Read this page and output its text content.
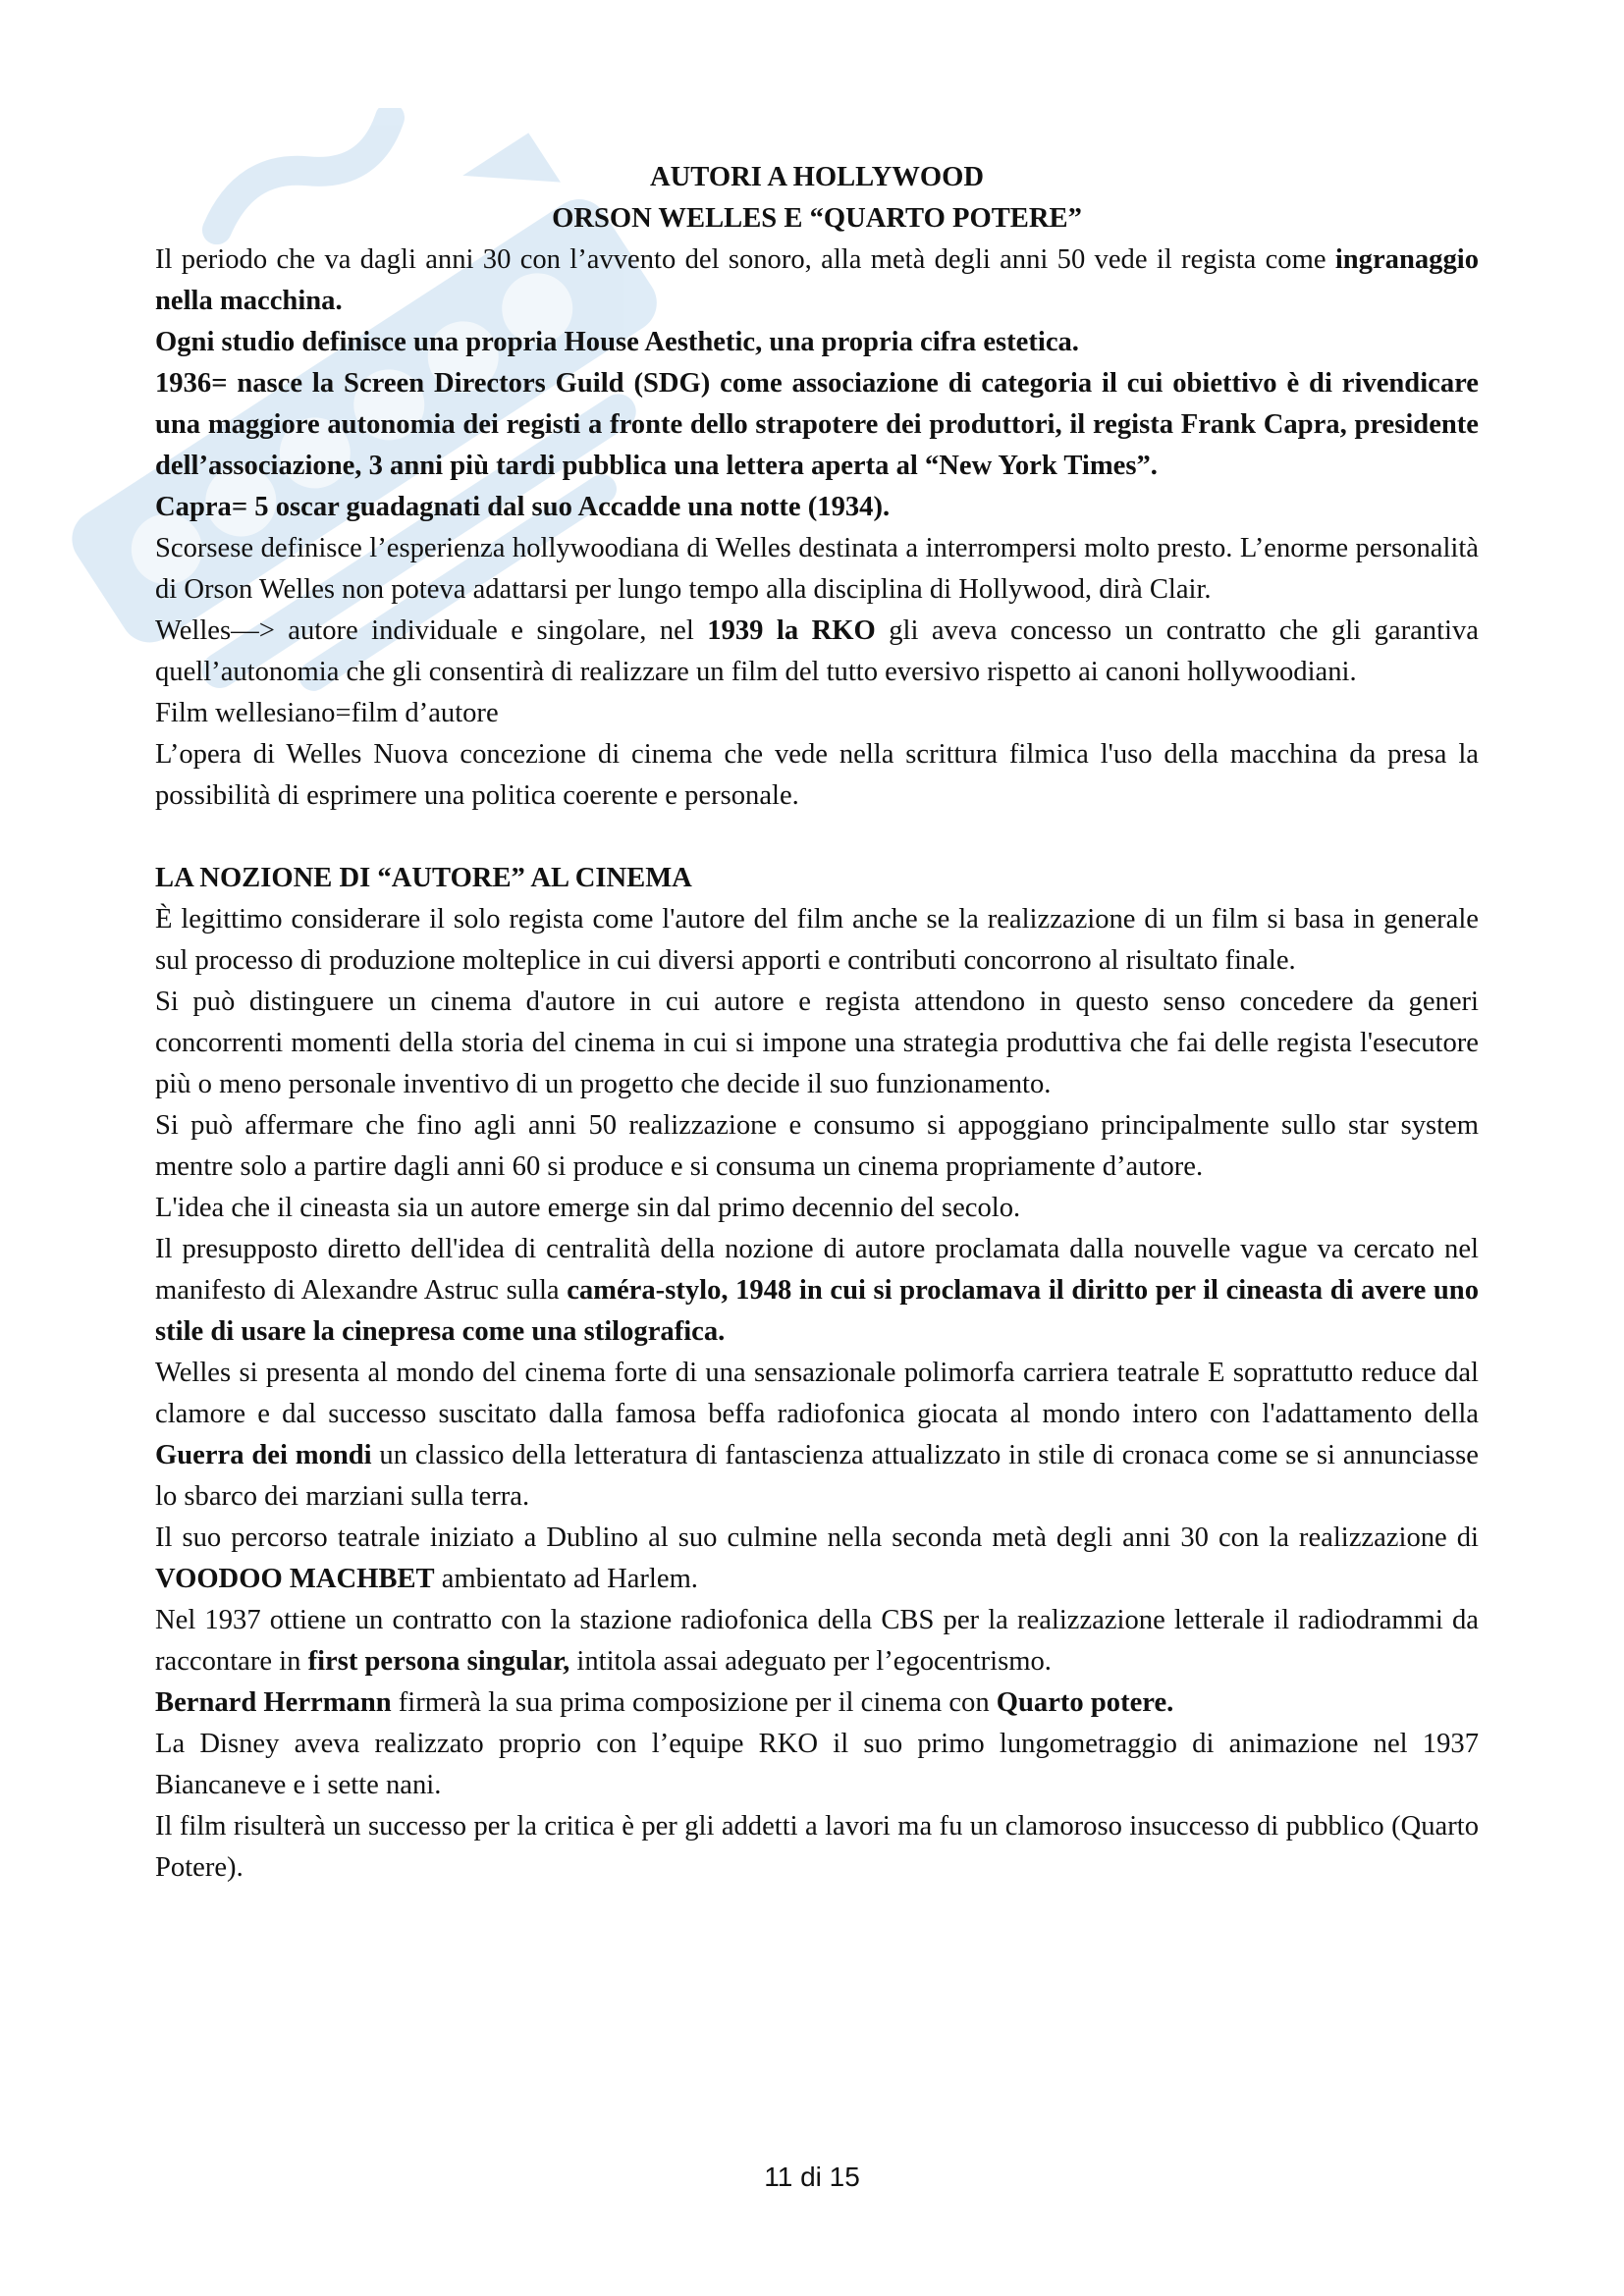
AUTORI A HOLLYWOOD
ORSON WELLES E “QUARTO POTERE”

Il periodo che va dagli anni 30 con l’avvento del sonoro, alla metà degli anni 50 vede il regista come ingranaggio nella macchina.

Ogni studio definisce una propria House Aesthetic, una propria cifra estetica.

1936= nasce la Screen Directors Guild (SDG) come associazione di categoria il cui obiettivo è di rivendicare una maggiore autonomia dei registi a fronte dello strapotere dei produttori, il regista Frank Capra, presidente dell’associazione, 3 anni più tardi pubblica una lettera aperta al “New York Times”.

Capra= 5 oscar guadagnati dal suo Accadde una notte (1934).

Scorsese definisce l’esperienza hollywoodiana di Welles destinata a interrompersi molto presto. L’enorme personalità di Orson Welles non poteva adattarsi per lungo tempo alla disciplina di Hollywood, dirà Clair.

Welles—> autore individuale e singolare, nel 1939 la RKO gli aveva concesso un contratto che gli garantiva quell’autonomia che gli consentirà di realizzare un film del tutto eversivo rispetto ai canoni hollywoodiani.

Film wellesiano=film d’autore

L’opera di Welles Nuova concezione di cinema che vede nella scrittura filmica l'uso della macchina da presa la possibilità di esprimere una politica coerente e personale.

LA NOZIONE DI “AUTORE” AL CINEMA

È legittimo considerare il solo regista come l'autore del film anche se la realizzazione di un film si basa in generale sul processo di produzione molteplice in cui diversi apporti e contributi concorrono al risultato finale.

Si può distinguere un cinema d'autore in cui autore e regista attendono in questo senso concedere da generi concorrenti momenti della storia del cinema in cui si impone una strategia produttiva che fai delle regista l'esecutore più o meno personale inventivo di un progetto che decide il suo funzionamento.

Si può affermare che fino agli anni 50 realizzazione e consumo si appoggiano principalmente sullo star system mentre solo a partire dagli anni 60 si produce e si consuma un cinema propriamente d’autore.

L'idea che il cineasta sia un autore emerge sin dal primo decennio del secolo.

Il presupposto diretto dell'idea di centralità della nozione di autore proclamata dalla nouvelle vague va cercato nel manifesto di Alexandre Astruc sulla caméra-stylo, 1948 in cui si proclamava il diritto per il cineasta di avere uno stile di usare la cinepresa come una stilografica.

Welles si presenta al mondo del cinema forte di una sensazionale polimorfa carriera teatrale E soprattutto reduce dal clamore e dal successo suscitato dalla famosa beffa radiofonica giocata al mondo intero con l'adattamento della Guerra dei mondi un classico della letteratura di fantascienza attualizzato in stile di cronaca come se si annunciasse lo sbarco dei marziani sulla terra.

Il suo percorso teatrale iniziato a Dublino al suo culmine nella seconda metà degli anni 30 con la realizzazione di VOODOO MACHBET ambientato ad Harlem.

Nel 1937 ottiene un contratto con la stazione radiofonica della CBS per la realizzazione letterale il radiodrammi da raccontare in first persona singular, intitola assai adeguato per l’egocentrismo.

Bernard Herrmann firmerà la sua prima composizione per il cinema con Quarto potere.

La Disney aveva realizzato proprio con l’equipe RKO il suo primo lungometraggio di animazione nel 1937 Biancaneve e i sette nani.

Il film risulterà un successo per la critica è per gli addetti a lavori ma fu un clamoroso insuccesso di pubblico (Quarto Potere).

11 di 15
